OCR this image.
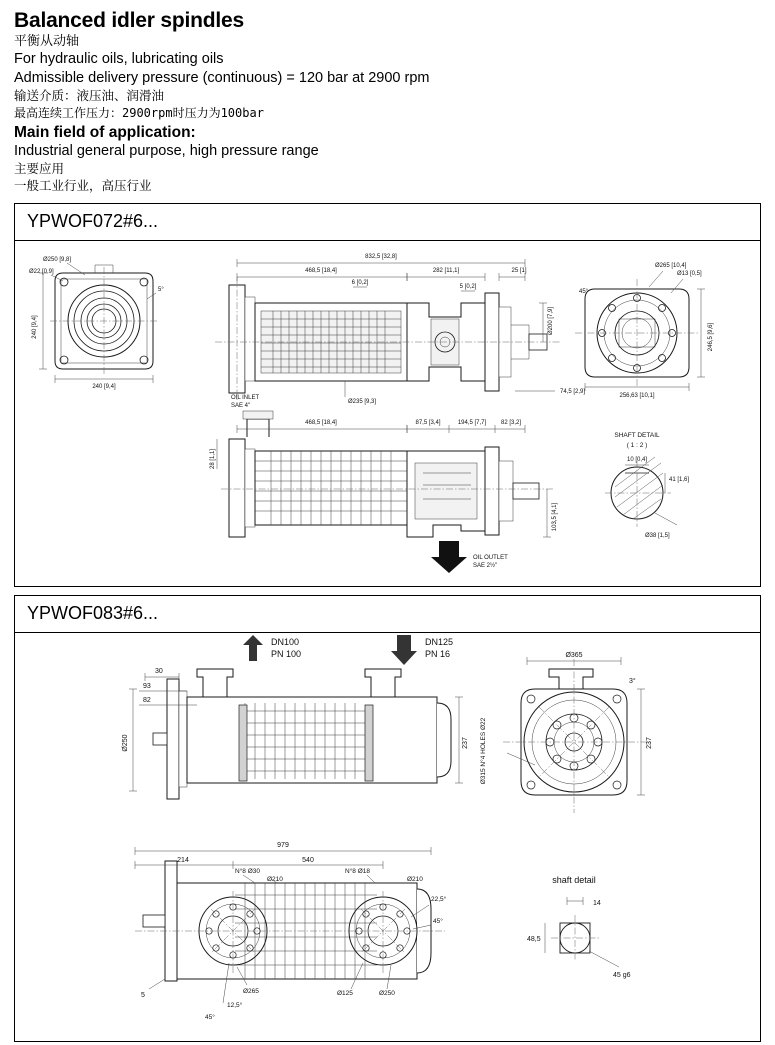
Balanced idler spindles
平衡从动轴
For hydraulic oils, lubricating oils
Admissible delivery pressure (continuous) = 120 bar at 2900 rpm
输送介质：液压油、润滑油
最高连续工作压力：2900rpm时压力为100bar
Main field of application:
Industrial general purpose, high pressure range
主要应用
一般工业行业，高压行业
YPWOF072#6...
240 [9,4]
240 [9,4]
Ø250 [9,8]
Ø22 [0,9]
5°
832,5 [32,8]
468,5 [18,4]	282 [11,1]	25 [1]
6 [0,2]
5 [0,2]
Ø200 [7,9]
74,5 [2,9]
Ø235 [9,3]
Ø265 [10,4]
Ø13 [0,5]
45°
246,5 [9,6]
256,63 [10,1]
OIL INLET
SAE 4"
OIL OUTLET
SAE 2½"
468,5 [18,4]	87,5 [3,4]	194,5 [7,7] 82 [3,2]
28 [1,1]
103,5 [4,1]
SHAFT DETAIL
( 1 : 2 )
10 [0,4]
41 [1,6]
Ø38 [1,5]
YPWOF083#6...
DN100
PN 100
DN125
PN 16
30
93
82
Ø250	237
Ø365
237
3°
Ø315 N°4 HOLES Ø22
979
214	540
N°8 Ø30
Ø210
N°8 Ø18
Ø210
22,5°
45°
Ø265
12,5°
45°
Ø125	Ø250
5
shaft detail
14
48,5
45 g6
